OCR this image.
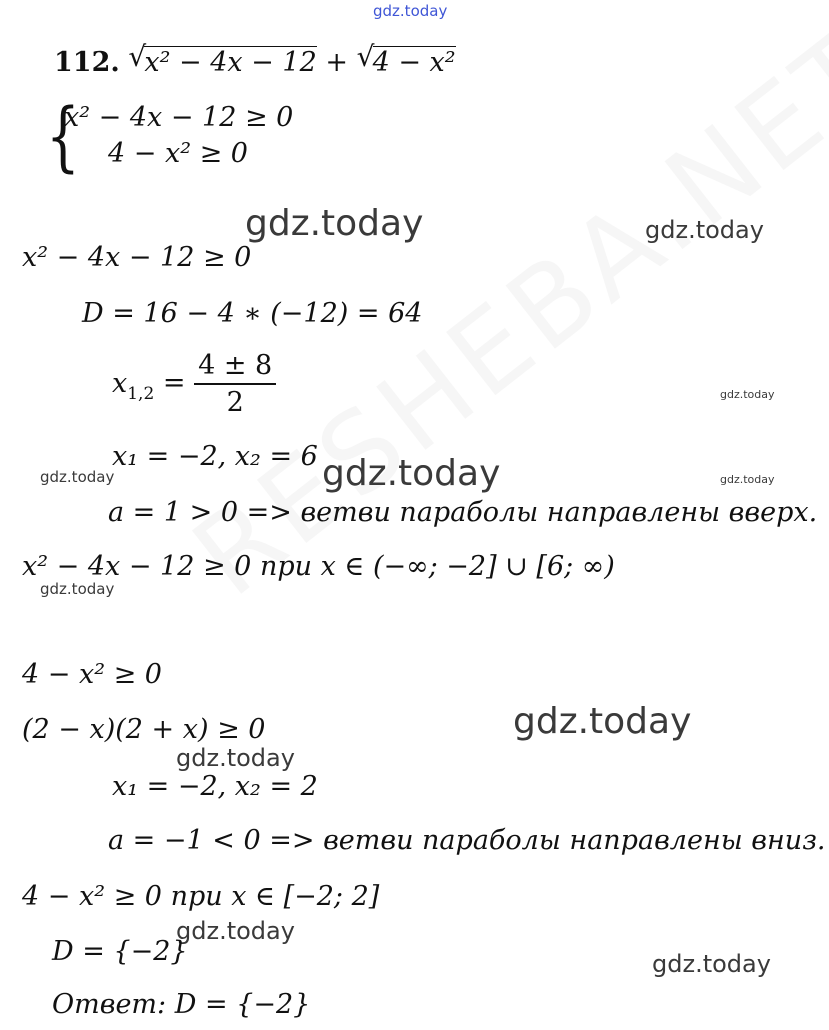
gdz.today
gdz.today	gdz.today
gdz.today
gdz.today	gdz.today	gdz.today
gdz.today
gdz.today
gdz.today
gdz.today
gdz.today
112. √ x² − 4x − 12 + √ 4 − x²
{
x² − 4x − 12 ≥ 0
4 − x² ≥ 0
x² − 4x − 12 ≥ 0
D = 16 − 4 ∗ (−12) = 64
$x_{1,2} = \frac{4 \pm 8}{2}$
x₁ = −2, x₂ = 6
a = 1 > 0 => ветви параболы направлены вверх.
x² − 4x − 12 ≥ 0 при x ∈ (−∞; −2] ∪ [6; ∞)
4 − x² ≥ 0
(2 − x)(2 + x) ≥ 0
x₁ = −2, x₂ = 2
a = −1 < 0 => ветви параболы направлены вниз.
4 − x² ≥ 0 при x ∈ [−2; 2]
D = {−2}
Ответ: D = {−2}
